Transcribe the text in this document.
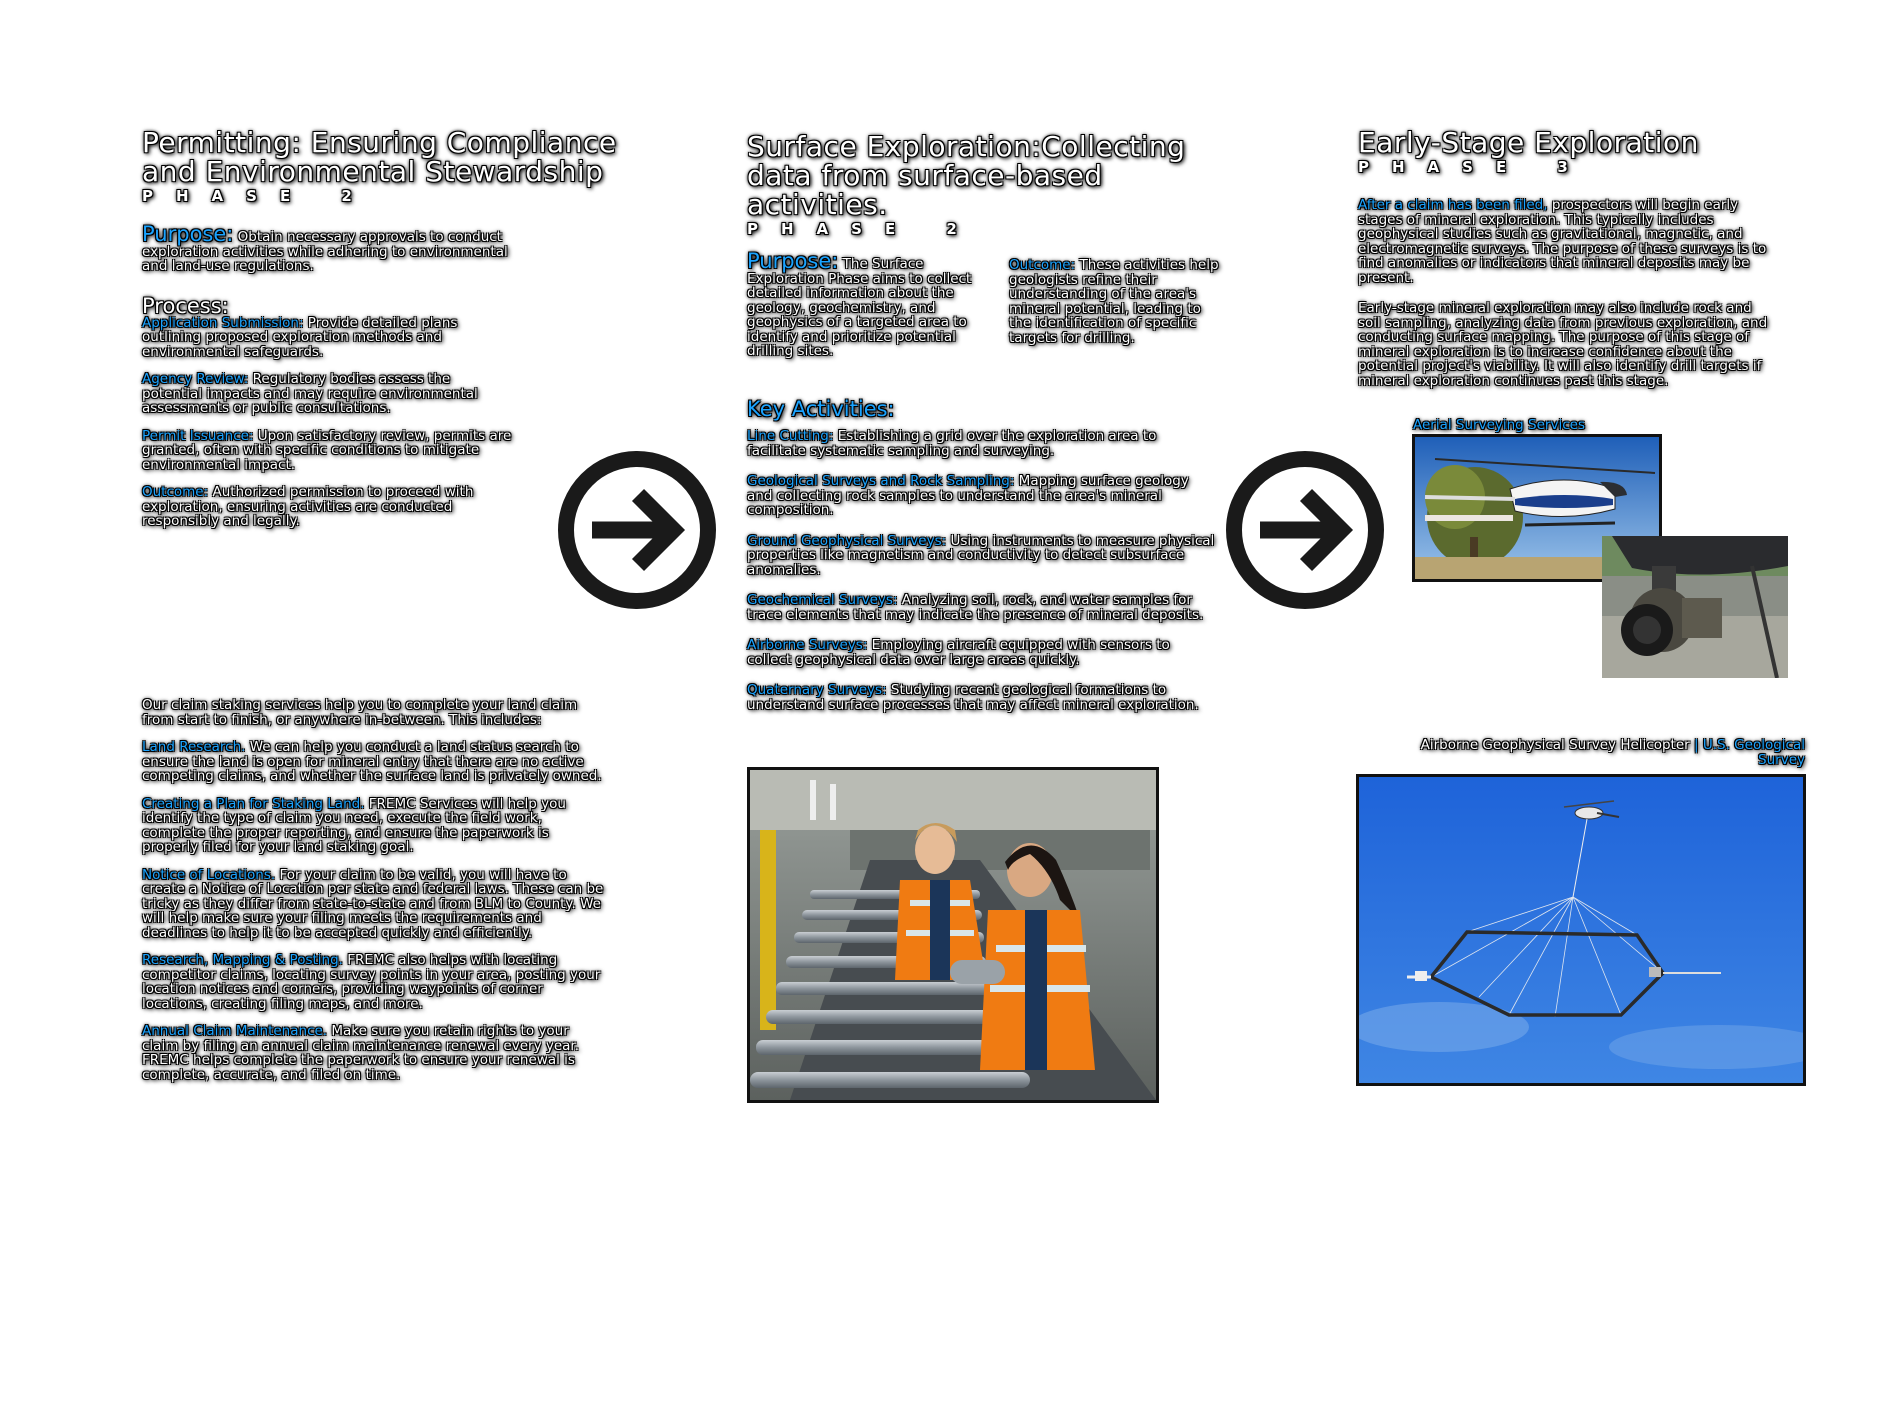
Permitting: Ensuring Compliance
and Environmental Stewardship
PHASE 2

Purpose: Obtain necessary approvals to conduct exploration activities while adhering to environmental and land-use regulations.

Process:

Application Submission: Provide detailed plans outlining proposed exploration methods and environmental safeguards.

Agency Review: Regulatory bodies assess the potential impacts and may require environmental assessments or public consultations.

Permit Issuance: Upon satisfactory review, permits are granted, often with specific conditions to mitigate environmental impact.

Outcome: Authorized permission to proceed with exploration, ensuring activities are conducted responsibly and legally.

Our claim staking services help you to complete your land claim from start to finish, or anywhere in-between. This includes:

Land Research. We can help you conduct a land status search to ensure the land is open for mineral entry that there are no active competing claims, and whether the surface land is privately owned.

Creating a Plan for Staking Land. FREMC Services will help you identify the type of claim you need, execute the field work, complete the proper reporting, and ensure the paperwork is properly filed for your land staking goal.

Notice of Locations. For your claim to be valid, you will have to create a Notice of Location per state and federal laws. These can be tricky as they differ from state-to-state and from BLM to County. We will help make sure your filing meets the requirements and deadlines to help it to be accepted quickly and efficiently.

Research, Mapping & Posting. FREMC also helps with locating competitor claims, locating survey points in your area, posting your location notices and corners, providing waypoints of corner locations, creating filing maps, and more.

Annual Claim Maintenance. Make sure you retain rights to your claim by filing an annual claim maintenance renewal every year. FREMC helps complete the paperwork to ensure your renewal is complete, accurate, and filed on time.

Surface Exploration:Collecting
data from surface-based activities.
PHASE 2

Purpose: The Surface Exploration Phase aims to collect detailed information about the geology, geochemistry, and geophysics of a targeted area to identify and prioritize potential drilling sites.

Outcome: These activities help geologists refine their understanding of the area's mineral potential, leading to the identification of specific targets for drilling.

Key Activities:

Line Cutting: Establishing a grid over the exploration area to facilitate systematic sampling and surveying.

Geological Surveys and Rock Sampling: Mapping surface geology and collecting rock samples to understand the area's mineral composition.

Ground Geophysical Surveys: Using instruments to measure physical properties like magnetism and conductivity to detect subsurface anomalies.

Geochemical Surveys: Analyzing soil, rock, and water samples for trace elements that may indicate the presence of mineral deposits.

Airborne Surveys: Employing aircraft equipped with sensors to collect geophysical data over large areas quickly.

Quaternary Surveys: Studying recent geological formations to understand surface processes that may affect mineral exploration.

Early-Stage Exploration
PHASE 3

After a claim has been filed, prospectors will begin early stages of mineral exploration. This typically includes geophysical studies such as gravitational, magnetic, and electromagnetic surveys. The purpose of these surveys is to find anomalies or indicators that mineral deposits may be present.

Early-stage mineral exploration may also include rock and soil sampling, analyzing data from previous exploration, and conducting surface mapping. The purpose of this stage of mineral exploration is to increase confidence about the potential project's viability. It will also identify drill targets if mineral exploration continues past this stage.

Aerial Surveying Services
Airborne Geophysical Survey Helicopter | U.S. Geological Survey
